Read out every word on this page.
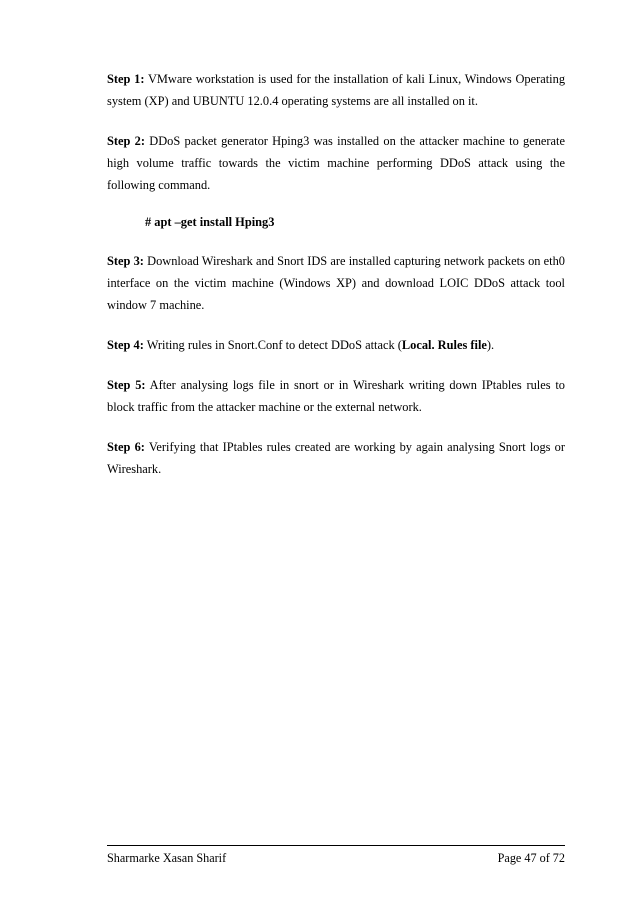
Step 1: VMware workstation is used for the installation of kali Linux, Windows Operating system (XP) and UBUNTU 12.0.4 operating systems are all installed on it.

Step 2: DDoS packet generator Hping3 was installed on the attacker machine to generate high volume traffic towards the victim machine performing DDoS attack using the following command.

# apt –get install Hping3

Step 3: Download Wireshark and Snort IDS are installed capturing network packets on eth0 interface on the victim machine (Windows XP) and download LOIC DDoS attack tool window 7 machine.

Step 4: Writing rules in Snort.Conf to detect DDoS attack (Local. Rules file).

Step 5: After analysing logs file in snort or in Wireshark writing down IPtables rules to block traffic from the attacker machine or the external network.

Step 6: Verifying that IPtables rules created are working by again analysing Snort logs or Wireshark.

Sharmarke Xasan Sharif	Page 47 of 72
